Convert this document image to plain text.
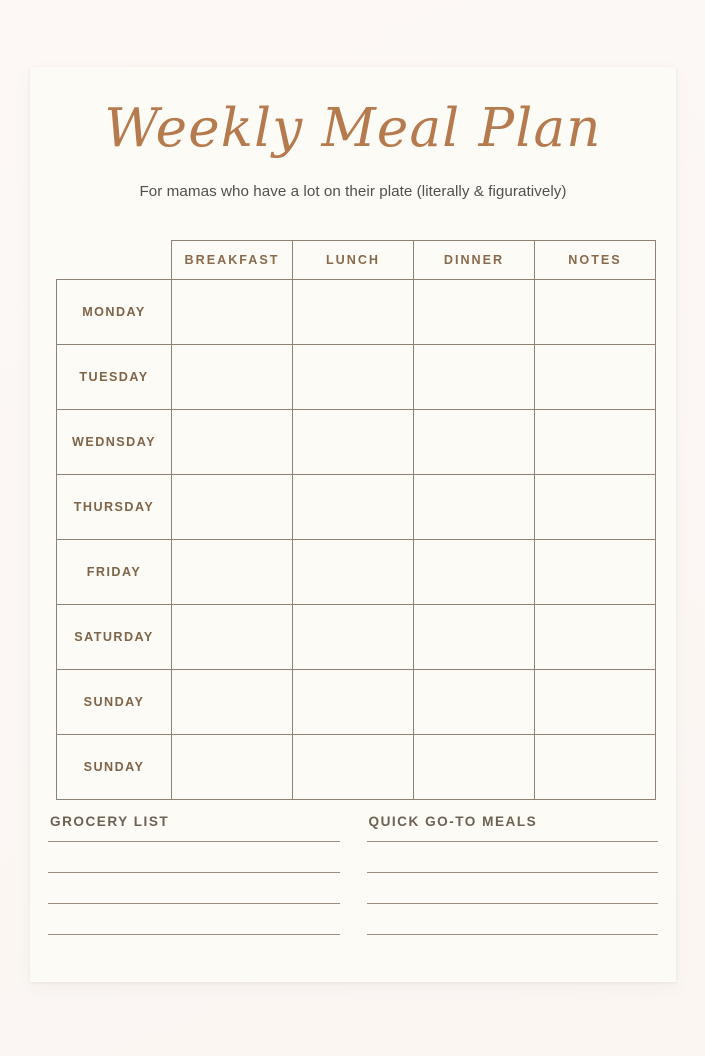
Weekly Meal Plan
For mamas who have a lot on their plate (literally & figuratively)
	BREAKFAST	LUNCH	DINNER	NOTES
MONDAY				
TUESDAY				
WEDNSDAY				
THURSDAY				
FRIDAY				
SATURDAY				
SUNDAY				
SUNDAY				
GROCERY LIST	QUICK GO-TO MEALS
